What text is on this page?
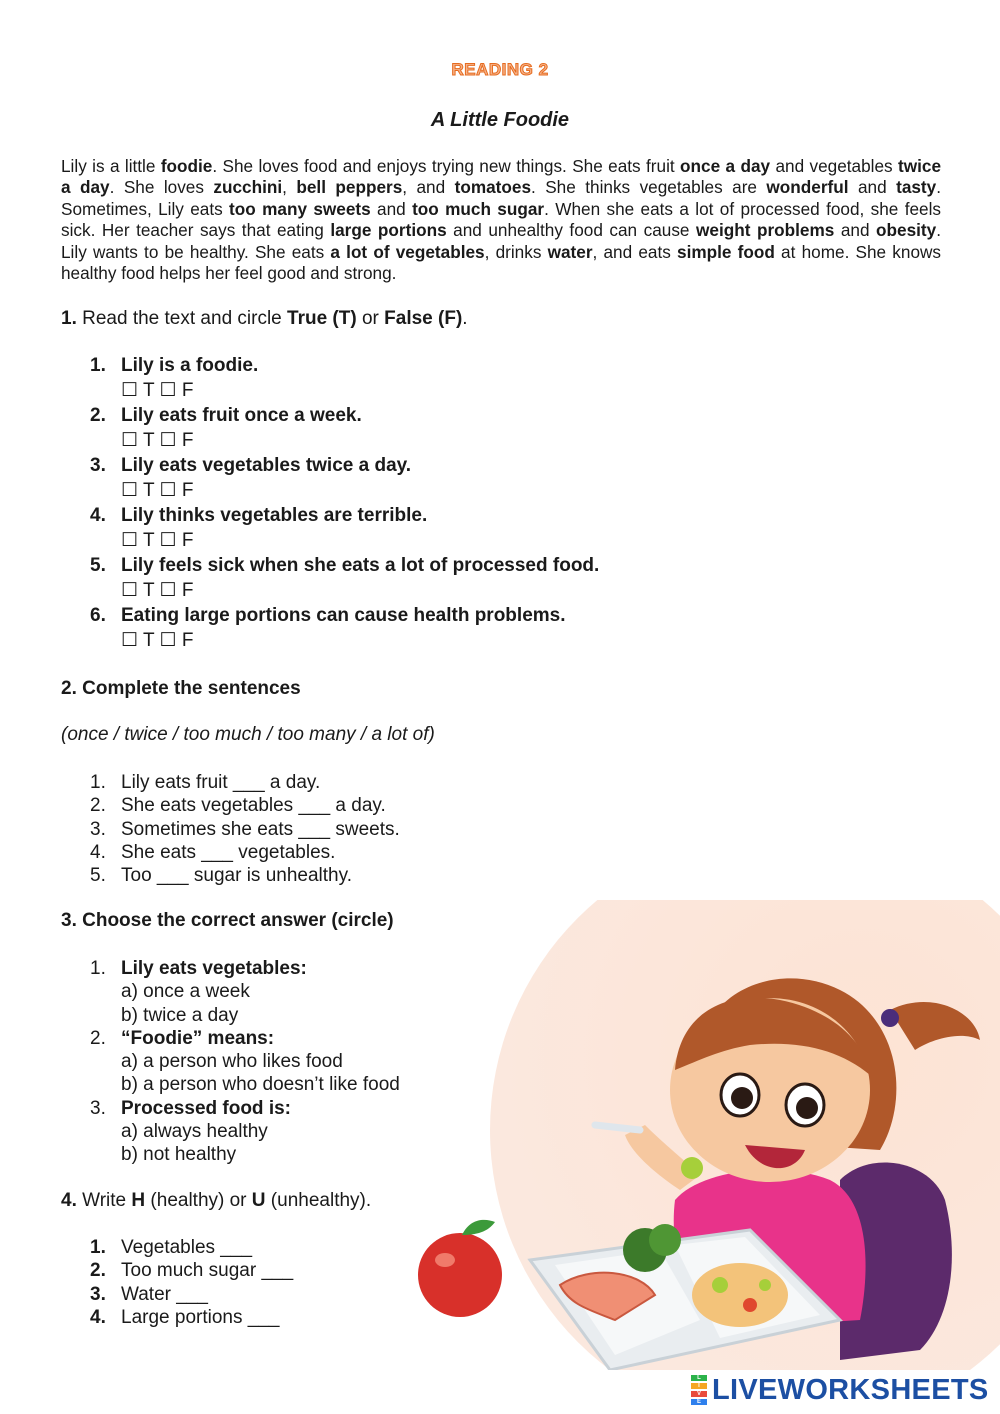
READING 2
A Little Foodie
Lily is a little foodie. She loves food and enjoys trying new things. She eats fruit once a day and vegetables twice a day. She loves zucchini, bell peppers, and tomatoes. She thinks vegetables are wonderful and tasty. Sometimes, Lily eats too many sweets and too much sugar. When she eats a lot of processed food, she feels sick. Her teacher says that eating large portions and unhealthy food can cause weight problems and obesity. Lily wants to be healthy. She eats a lot of vegetables, drinks water, and eats simple food at home. She knows healthy food helps her feel good and strong.
1. Read the text and circle True (T) or False (F).
1. Lily is a foodie.
☐ T ☐ F
2. Lily eats fruit once a week.
☐ T ☐ F
3. Lily eats vegetables twice a day.
☐ T ☐ F
4. Lily thinks vegetables are terrible.
☐ T ☐ F
5. Lily feels sick when she eats a lot of processed food.
☐ T ☐ F
6. Eating large portions can cause health problems.
☐ T ☐ F
2. Complete the sentences
(once / twice / too much / too many / a lot of)
1. Lily eats fruit ___ a day.
2. She eats vegetables ___ a day.
3. Sometimes she eats ___ sweets.
4. She eats ___ vegetables.
5. Too ___ sugar is unhealthy.
3. Choose the correct answer (circle)
1. Lily eats vegetables:
a) once a week
b) twice a day
2. “Foodie” means:
a) a person who likes food
b) a person who doesn’t like food
3. Processed food is:
a) always healthy
b) not healthy
4. Write H (healthy) or U (unhealthy).
1. Vegetables ___
2. Too much sugar ___
3. Water ___
4. Large portions ___
L
I
V
E LIVEWORKSHEETS
